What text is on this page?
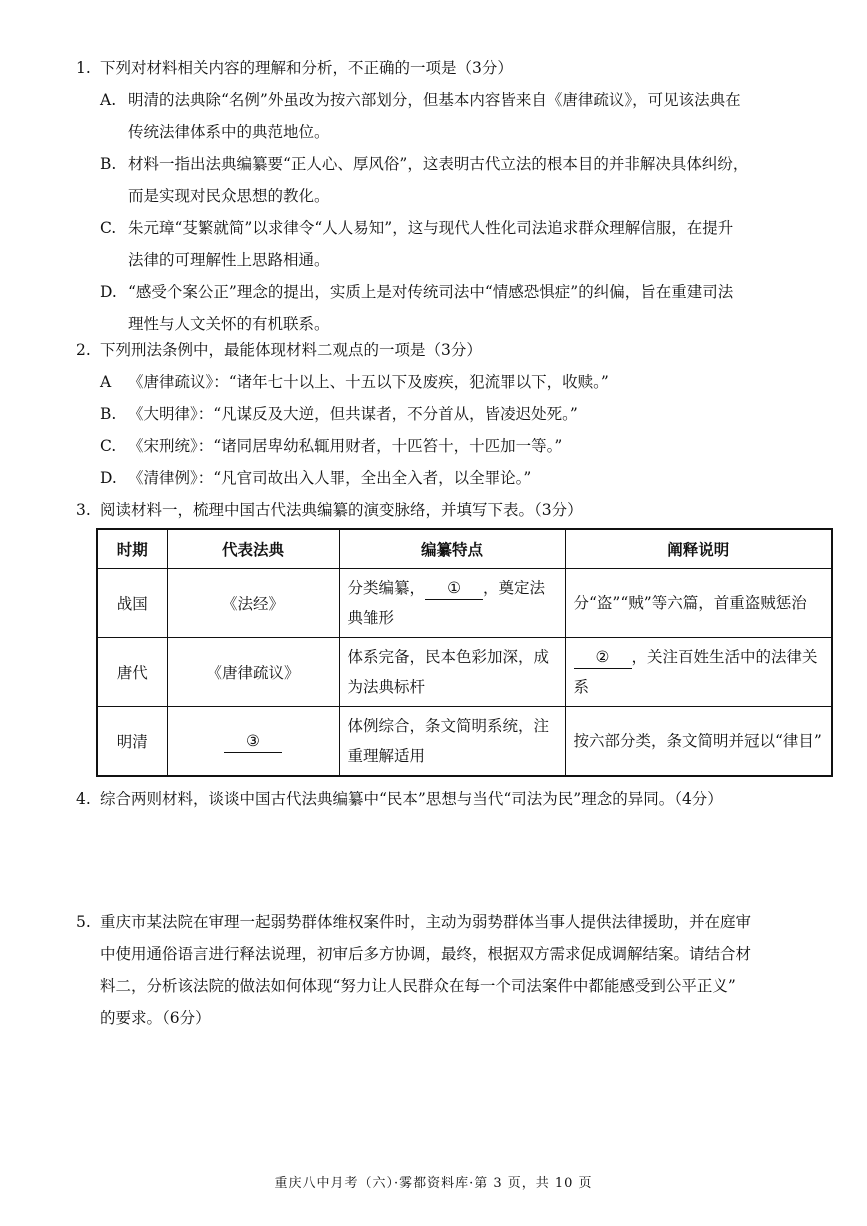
1. 下列对材料相关内容的理解和分析，不正确的一项是（3分）
A. 明清的法典除“名例”外虽改为按六部划分，但基本内容皆来自《唐律疏议》，可见该法典在
传统法律体系中的典范地位。
B. 材料一指出法典编纂要“正人心、厚风俗”，这表明古代立法的根本目的并非解决具体纠纷，
而是实现对民众思想的教化。
C. 朱元璋“芟繁就简”以求律令“人人易知”，这与现代人性化司法追求群众理解信服，在提升
法律的可理解性上思路相通。
D. “感受个案公正”理念的提出，实质上是对传统司法中“情感恐惧症”的纠偏，旨在重建司法
理性与人文关怀的有机联系。
2. 下列刑法条例中，最能体现材料二观点的一项是（3分）
A	《唐律疏议》：“诸年七十以上、十五以下及废疾，犯流罪以下，收赎。”
B. 《大明律》：“凡谋反及大逆，但共谋者，不分首从，皆凌迟处死。”
C. 《宋刑统》：“诸同居卑幼私辄用财者，十匹笞十，十匹加一等。”
D. 《清律例》：“凡官司故出入人罪，全出全入者，以全罪论。”
3. 阅读材料一，梳理中国古代法典编纂的演变脉络，并填写下表。（3分）
时期	代表法典	编纂特点	阐释说明
战国	《法经》	分类编纂， ① ，奠定法典雏形	分“盗”“贼”等六篇，首重盗贼惩治
唐代	《唐律疏议》	体系完备，民本色彩加深，成为法典标杆	② ，关注百姓生活中的法律关系
明清	③	体例综合，条文简明系统，注重理解适用	按六部分类，条文简明并冠以“律目”
4. 综合两则材料，谈谈中国古代法典编纂中“民本”思想与当代“司法为民”理念的异同。（4分）
5. 重庆市某法院在审理一起弱势群体维权案件时，主动为弱势群体当事人提供法律援助，并在庭审
中使用通俗语言进行释法说理，初审后多方协调，最终，根据双方需求促成调解结案。请结合材
料二，分析该法院的做法如何体现“努力让人民群众在每一个司法案件中都能感受到公平正义”
的要求。（6分）
重庆八中月考（六）·雾都资料库·第 3 页，共 10 页
